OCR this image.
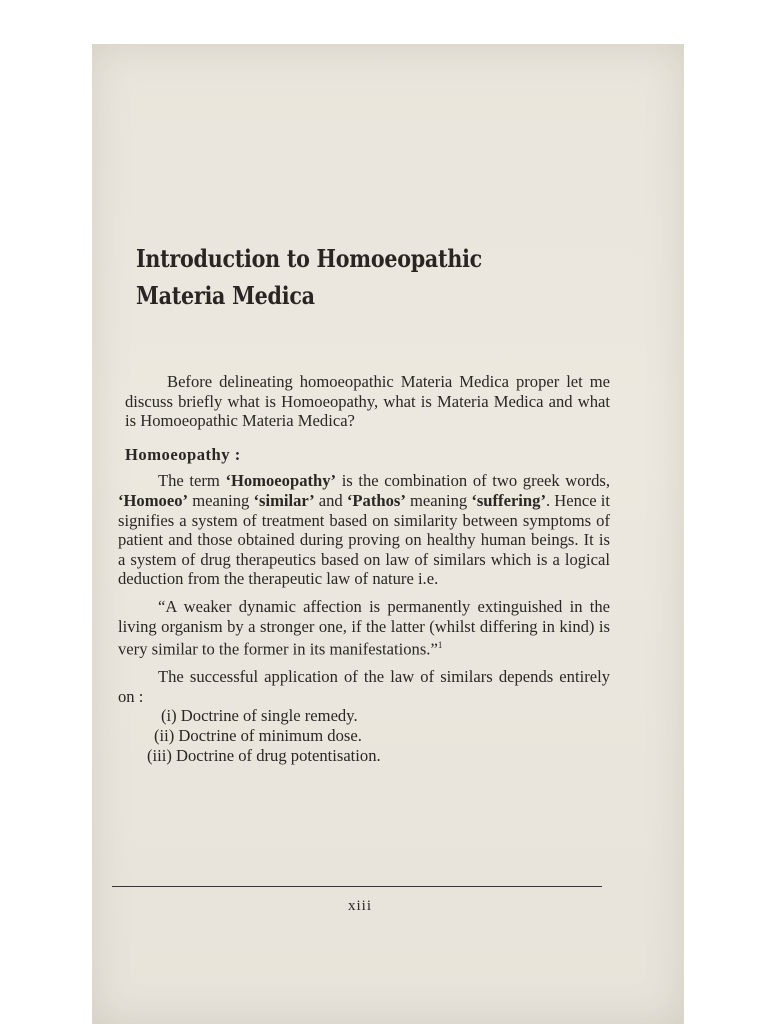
Introduction to Homoeopathic
Materia Medica

Before delineating homoeopathic Materia Medica proper let me discuss briefly what is Homoeopathy, what is Materia Medica and what is Homoeopathic Materia Medica?

Homoeopathy :

The term ‘Homoeopathy’ is the combination of two greek words, ‘Homoeo’ meaning ‘similar’ and ‘Pathos’ meaning ‘suffering’. Hence it signifies a system of treatment based on similarity between symptoms of patient and those obtained during proving on healthy human beings. It is a system of drug therapeutics based on law of similars which is a logical deduction from the therapeutic law of nature i.e.

“A weaker dynamic affection is permanently extinguished in the living organism by a stronger one, if the latter (whilst differing in kind) is very similar to the former in its manifestations.”$^1$

The successful application of the law of similars depends entirely on :

(i) Doctrine of single remedy.
(ii) Doctrine of minimum dose.
(iii) Doctrine of drug potentisation.
xiii
